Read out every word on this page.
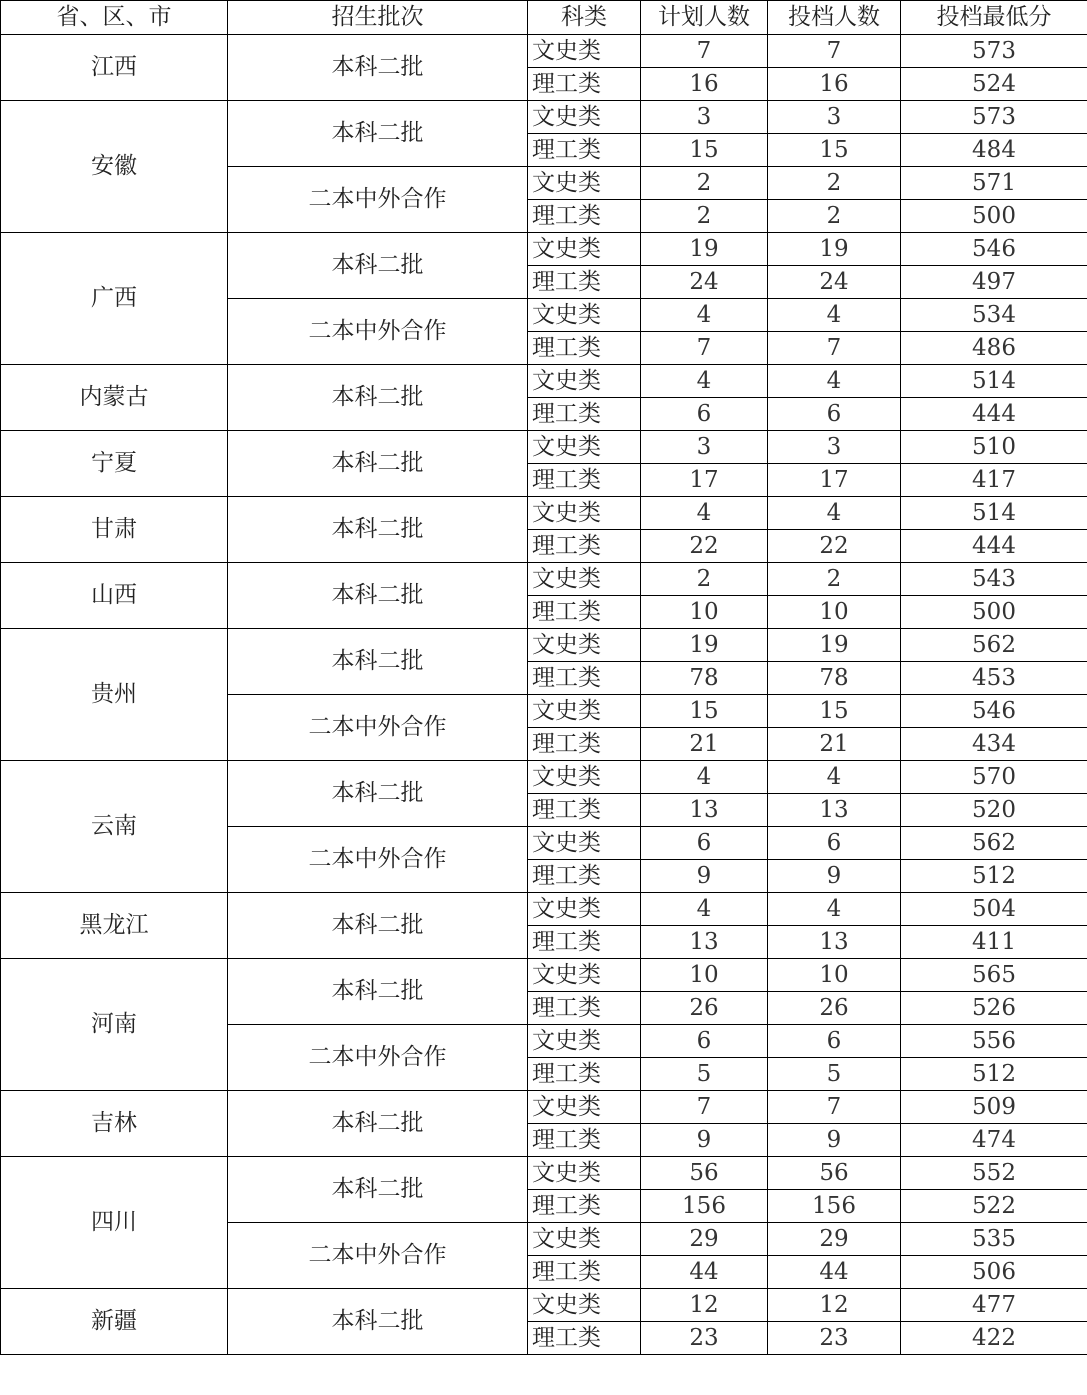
省、区、市	招生批次	科类	计划人数	投档人数	投档最低分
江西	本科二批	文史类	7	7	573
		理工类	16	16	524
安徽	本科二批	文史类	3	3	573
		理工类	15	15	484
	二本中外合作	文史类	2	2	571
		理工类	2	2	500
广西	本科二批	文史类	19	19	546
		理工类	24	24	497
	二本中外合作	文史类	4	4	534
		理工类	7	7	486
内蒙古	本科二批	文史类	4	4	514
		理工类	6	6	444
宁夏	本科二批	文史类	3	3	510
		理工类	17	17	417
甘肃	本科二批	文史类	4	4	514
		理工类	22	22	444
山西	本科二批	文史类	2	2	543
		理工类	10	10	500
贵州	本科二批	文史类	19	19	562
		理工类	78	78	453
	二本中外合作	文史类	15	15	546
		理工类	21	21	434
云南	本科二批	文史类	4	4	570
		理工类	13	13	520
	二本中外合作	文史类	6	6	562
		理工类	9	9	512
黑龙江	本科二批	文史类	4	4	504
		理工类	13	13	411
河南	本科二批	文史类	10	10	565
		理工类	26	26	526
	二本中外合作	文史类	6	6	556
		理工类	5	5	512
吉林	本科二批	文史类	7	7	509
		理工类	9	9	474
四川	本科二批	文史类	56	56	552
		理工类	156	156	522
	二本中外合作	文史类	29	29	535
		理工类	44	44	506
新疆	本科二批	文史类	12	12	477
		理工类	23	23	422
